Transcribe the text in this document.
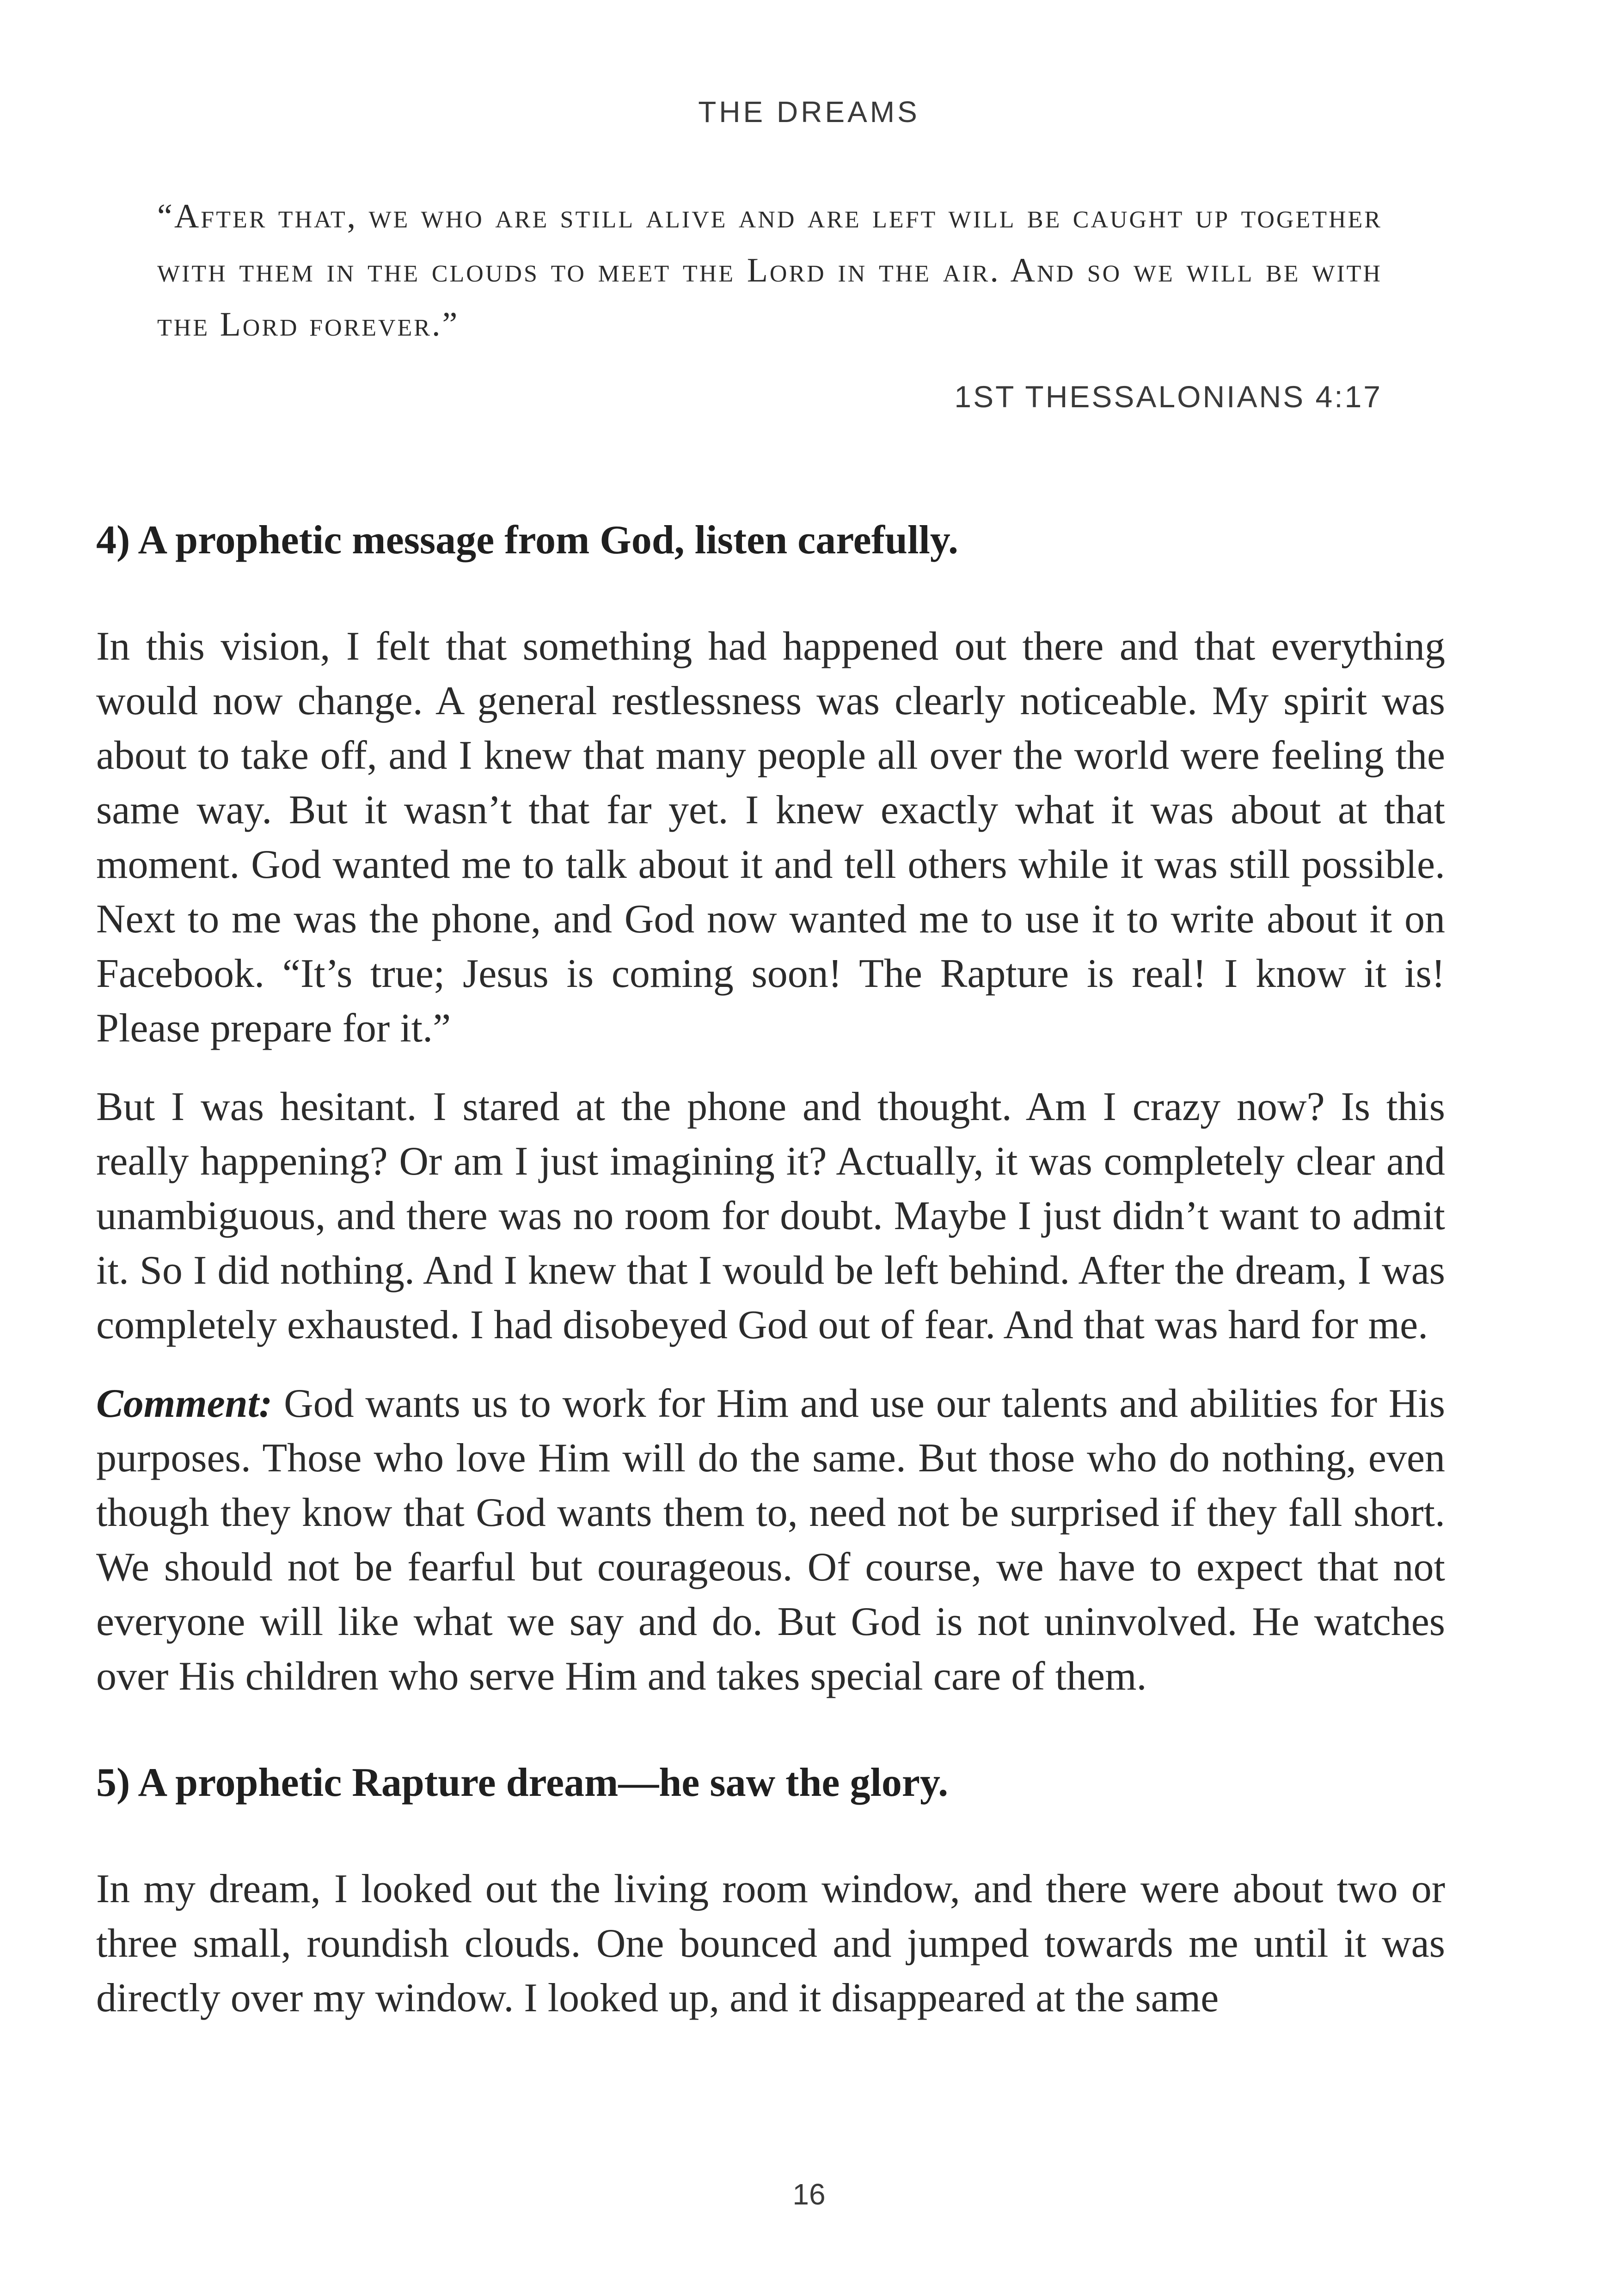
THE DREAMS
“After that, we who are still alive and are left will be caught up together with them in the clouds to meet the Lord in the air. And so we will be with the Lord forever.”
1ST THESSALONIANS 4:17
4) A prophetic message from God, listen carefully.

In this vision, I felt that something had happened out there and that everything would now change. A general restlessness was clearly noticeable. My spirit was about to take off, and I knew that many people all over the world were feeling the same way. But it wasn’t that far yet. I knew exactly what it was about at that moment. God wanted me to talk about it and tell others while it was still possible. Next to me was the phone, and God now wanted me to use it to write about it on Facebook. “It’s true; Jesus is coming soon! The Rapture is real! I know it is! Please prepare for it.”

But I was hesitant. I stared at the phone and thought. Am I crazy now? Is this really happening? Or am I just imagining it? Actually, it was completely clear and unambiguous, and there was no room for doubt. Maybe I just didn’t want to admit it. So I did nothing. And I knew that I would be left behind. After the dream, I was completely exhausted. I had disobeyed God out of fear. And that was hard for me.

Comment: God wants us to work for Him and use our talents and abilities for His purposes. Those who love Him will do the same. But those who do nothing, even though they know that God wants them to, need not be surprised if they fall short. We should not be fearful but courageous. Of course, we have to expect that not everyone will like what we say and do. But God is not uninvolved. He watches over His children who serve Him and takes special care of them.

5) A prophetic Rapture dream—he saw the glory.

In my dream, I looked out the living room window, and there were about two or three small, roundish clouds. One bounced and jumped towards me until it was directly over my window. I looked up, and it disappeared at the same

16
